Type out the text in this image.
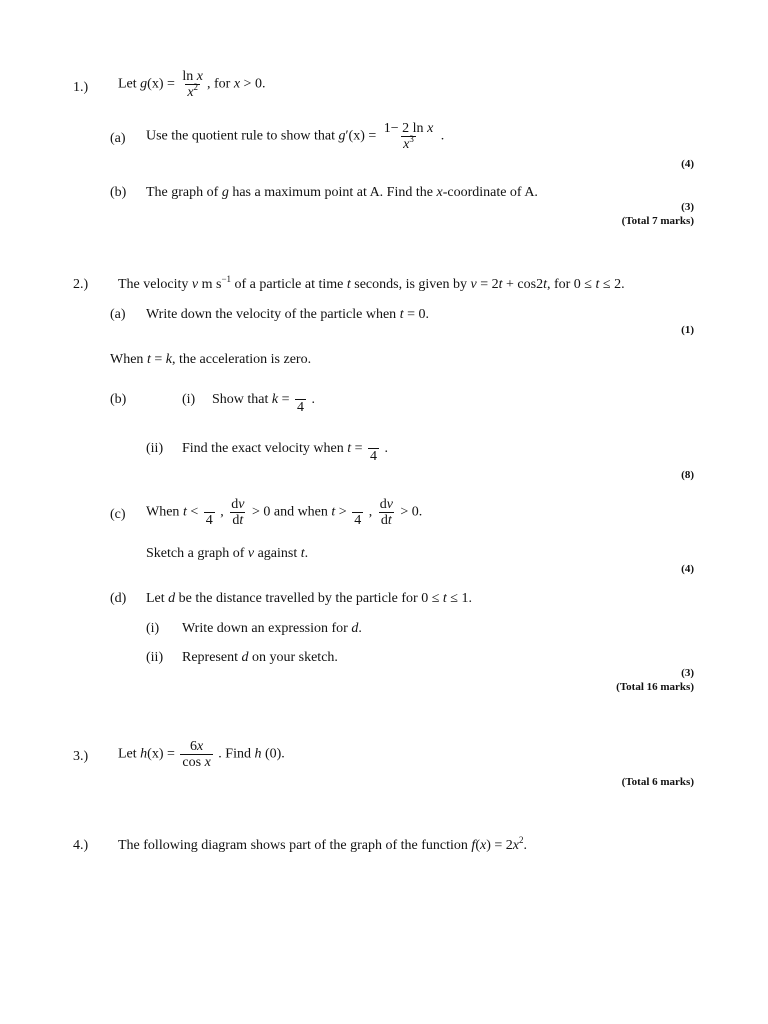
1.) Let $g(x) = \frac{\text{ln x}}{x^2}$ , for x > 0.
(a) Use the quotient rule to show that $g'(x) = \frac{\text{1− 2 ln x}}{x^3}$ .
(4)
(b) The graph of g has a maximum point at A. Find the x-coordinate of A.
(3)
(Total 7 marks)
2.) The velocity v m $s^{-1}$ of a particle at time t seconds, is given by v = 2t + cos2t, for 0 ≤ t ≤ 2.
(a) Write down the velocity of the particle when t = 0.
(1)
When t = k, the acceleration is zero.
(b)	(i) Show that k =
4
.
(ii) Find the exact velocity when t =
4
.
(8)
(c) When t <
4
, $\frac{dv}{dt} > 0$ and when t >
4
, $\frac{dv}{dt} > 0$.
Sketch a graph of v against t.
(4)
(d) Let d be the distance travelled by the particle for 0 ≤ t ≤ 1.
(i) Write down an expression for d.
(ii) Represent d on your sketch.
(3)
(Total 16 marks)
3.) Let $h(x) = \frac{6x}{\text{cos x}}$ . Find h (0).
(Total 6 marks)
4.) The following diagram shows part of the graph of the function $f(x) = 2x^2$.
